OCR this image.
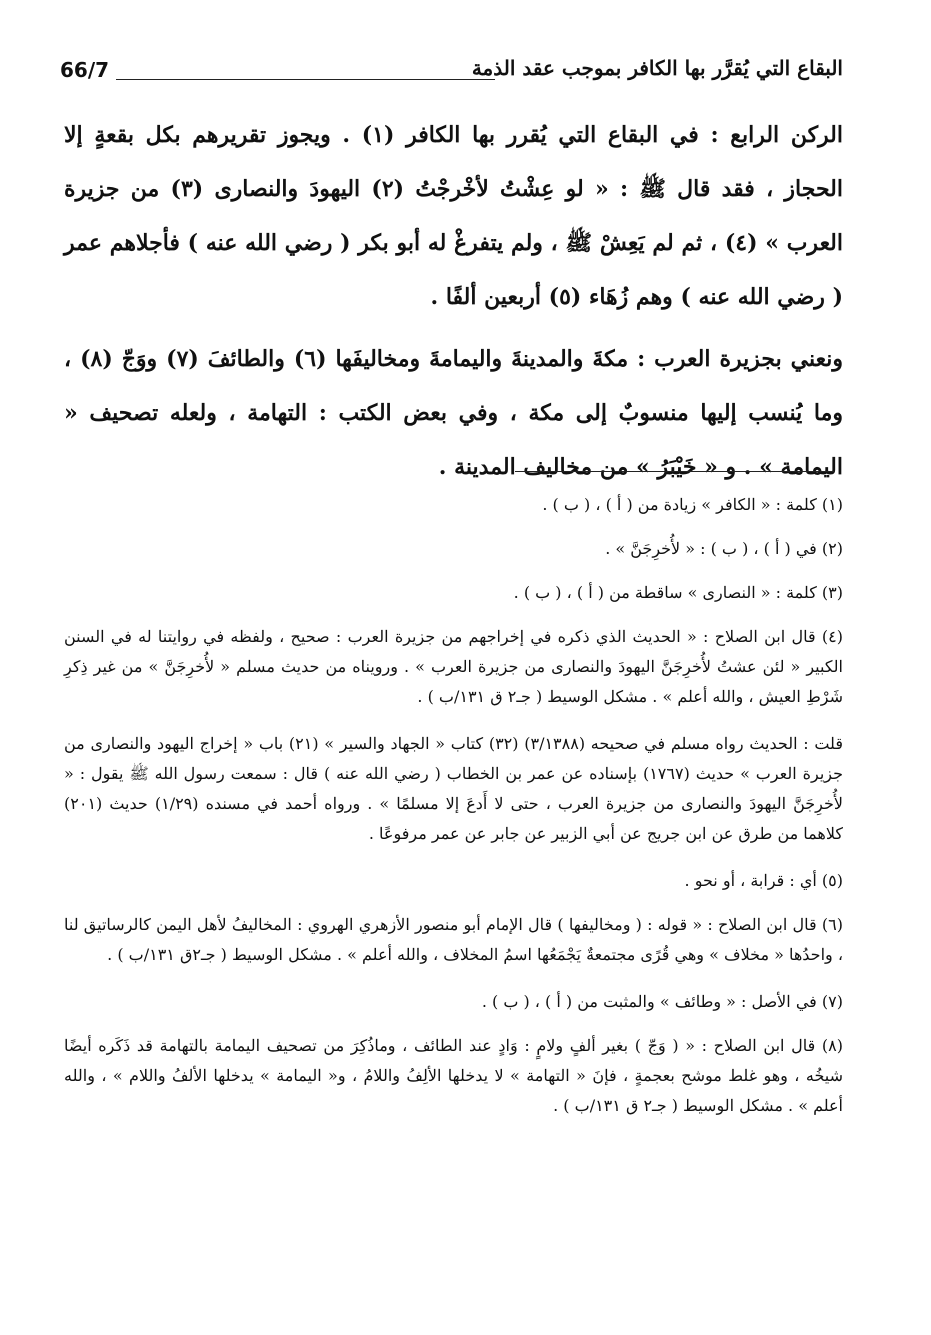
66/7	البقاع التي يُقرَّر بها الكافر بموجب عقد الذمة

الركن الرابع : في البقاع التي يُقرر بها الكافر (١) . ويجوز تقريرهم بكل بقعةٍ إلا الحجاز ، فقد قال ﷺ : « لو عِشْتُ لأخْرجْتُ (٢) اليهودَ والنصارى (٣) من جزيرة العرب » (٤) ، ثم لم يَعِشْ ﷺ ، ولم يتفرغْ له أبو بكر ( رضي الله عنه ) فأجلاهم عمر ( رضي الله عنه ) وهم زُهَاء (٥) أربعين ألفًا .

ونعني بجزيرة العرب : مكةَ والمدينةَ واليمامةَ ومخاليفَها (٦) والطائفَ (٧) ووَجّ (٨) ، وما يُنسب إليها منسوبٌ إلى مكة ، وفي بعض الكتب : التهامة ، ولعله تصحيف « اليمامة » . و « خَيْبَرُ » من مخاليف المدينة .

(١) كلمة : « الكافر » زيادة من ( أ ) ، ( ب ) .

(٢) في ( أ ) ، ( ب ) : « لأُخرِجَنَّ » .

(٣) كلمة : « النصارى » ساقطة من ( أ ) ، ( ب ) .

(٤) قال ابن الصلاح : « الحديث الذي ذكره في إخراجهم من جزيرة العرب : صحيح ، ولفظه في روايتنا له في السنن الكبير « لئن عشتُ لأُخرِجَنَّ اليهودَ والنصارى من جزيرة العرب » . ورويناه من حديث مسلم « لأُخرِجَنَّ » من غير ذِكرِ شَرْطِ العيش ، والله أعلم » . مشكل الوسيط ( جـ٢ ق ١٣١/ب ) .

قلت : الحديث رواه مسلم في صحيحه (٣/١٣٨٨) (٣٢) كتاب « الجهاد والسير » (٢١) باب « إخراج اليهود والنصارى من جزيرة العرب » حديث (١٧٦٧) بإسناده عن عمر بن الخطاب ( رضي الله عنه ) قال : سمعت رسول الله ﷺ يقول : « لأُخرِجَنَّ اليهودَ والنصارى من جزيرة العرب ، حتى لا أَدعَ إلا مسلمًا » . ورواه أحمد في مسنده (١/٢٩) حديث (٢٠١) كلاهما من طرق عن ابن جريج عن أبي الزبير عن جابر عن عمر مرفوعًا .

(٥) أي : قرابة ، أو نحو .

(٦) قال ابن الصلاح : « قوله : ( ومخاليفها ) قال الإمام أبو منصور الأزهري الهروي : المخاليفُ لأهل اليمن كالرساتيق لنا ، واحدُها « مخلاف » وهي قُرًى مجتمعةٌ يَجْمَعُها اسمُ المخلاف ، والله أعلم » . مشكل الوسيط ( جـ٢ق ١٣١/ب ) .

(٧) في الأصل : « وطائف » والمثبت من ( أ ) ، ( ب ) .

(٨) قال ابن الصلاح : « ( وَجّ ) بغير ألفٍ ولامٍ : وَادٍ عند الطائف ، وماذُكِرَ من تصحيف اليمامة بالتهامة قد ذَكَره أيضًا شيخُه ، وهو غلط موشح بعجمةٍ ، فإنَ « التهامة » لا يدخلها الألِفُ واللامُ ، و« اليمامة » يدخلها الألفُ واللام » ، والله أعلم » . مشكل الوسيط ( جـ٢ ق ١٣١/ب ) .
